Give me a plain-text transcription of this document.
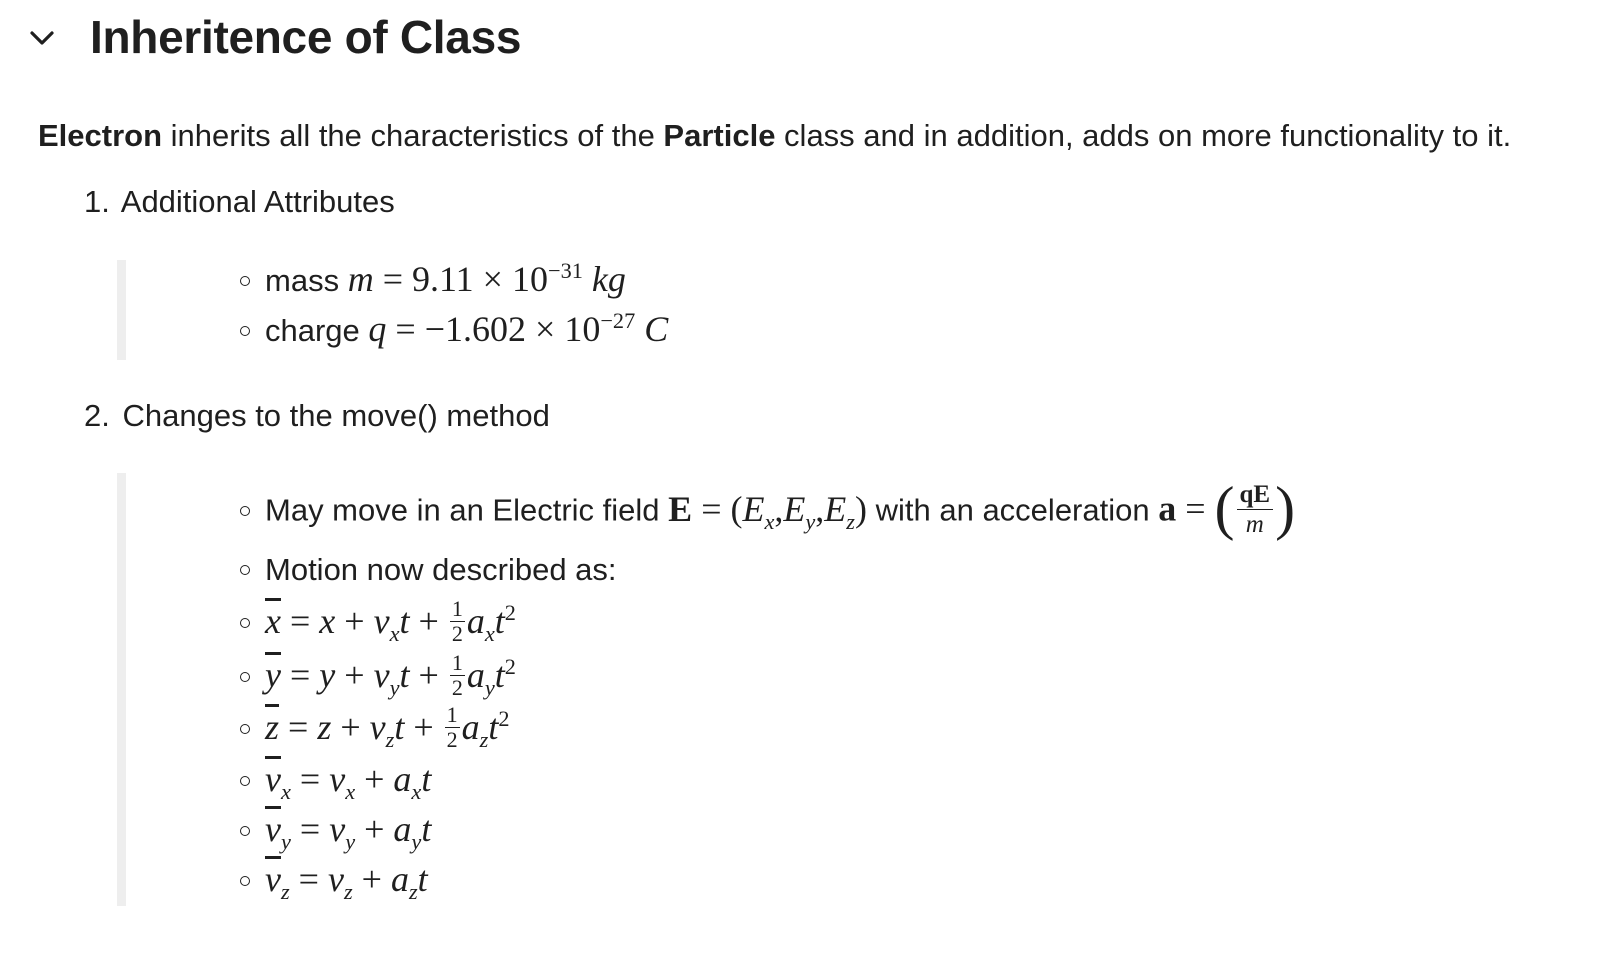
Inheritence of Class
Electron inherits all the characteristics of the Particle class and in addition, adds on more functionality to it.
1. Additional Attributes
mass $m = 9.11 \times 10^{-31}$ kg
charge $q = -1.602 \times 10^{-27}$ C
2. Changes to the move() method
May move in an Electric field $E = (E_x,E_y,E_z)$ with an acceleration a = ( $\frac{qE}{m}$ )
Motion now described as:
$\overline{x} = x + v_xt + \frac{1}{2} a_xt^2$
$\overline{y} = y + v_yt + \frac{1}{2} a_yt^2$
$\overline{z} = z + v_zt + \frac{1}{2} a_zt^2$
$\overline{v}_x = v_x + a_xt$
$\overline{v}_y = v_y + a_yt$
$\overline{v}_z = v_z + a_zt$
